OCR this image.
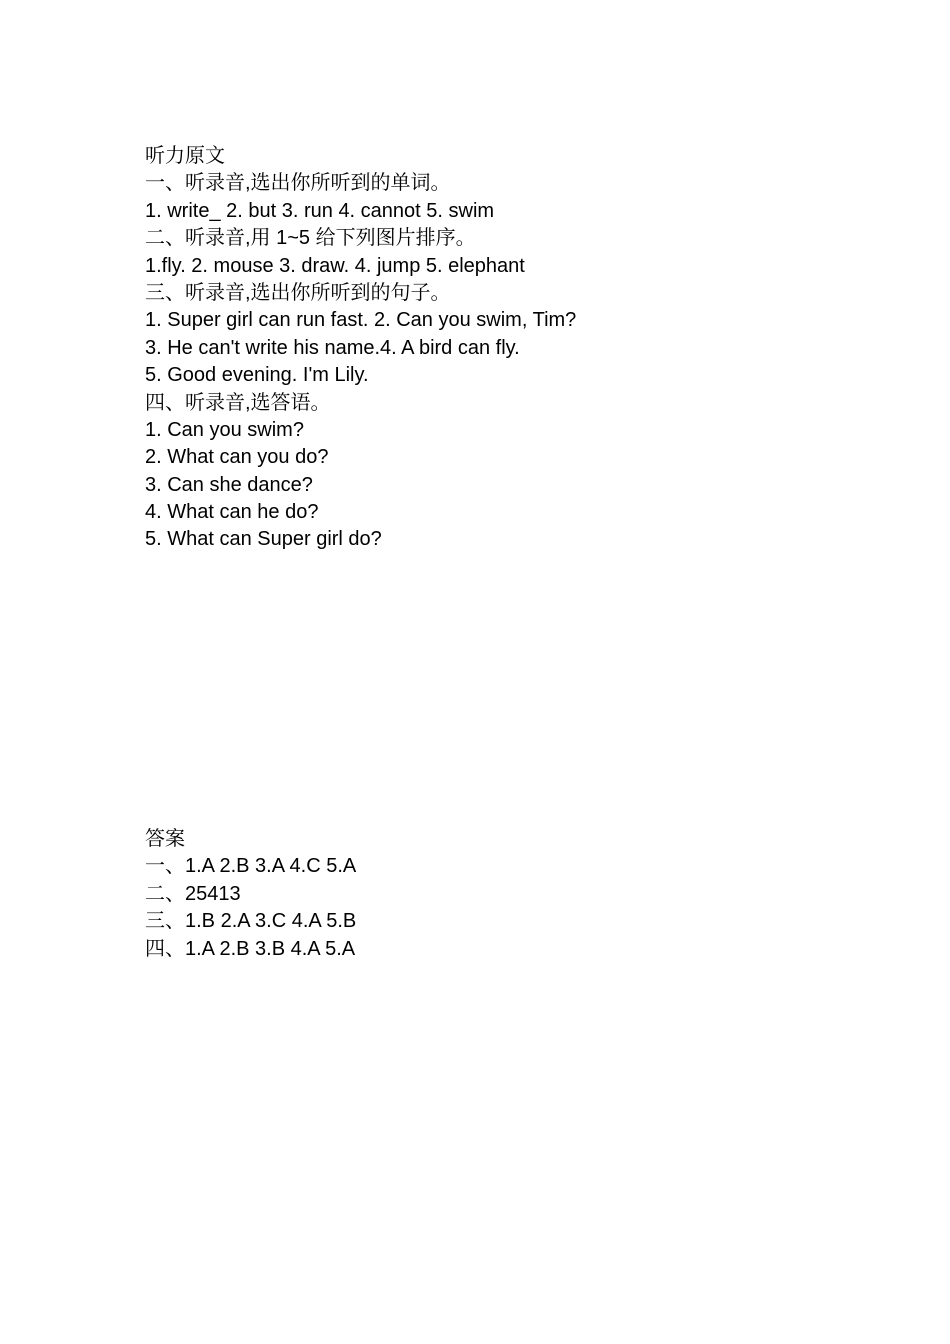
听力原文
一、听录音,选出你所听到的单词。
1. write_ 2. but 3. run 4. cannot 5. swim
二、听录音,用 1~5 给下列图片排序。
1.fly. 2. mouse 3. draw. 4. jump 5. elephant
三、听录音,选出你所听到的句子。
1. Super girl can run fast. 2. Can you swim, Tim?
3. He can't write his name.4. A bird can fly.
5. Good evening. I'm Lily.
四、听录音,选答语。
1. Can you swim?
2. What can you do?
3. Can she dance?
4. What can he do?
5. What can Super girl do?
答案
一、1.A 2.B 3.A 4.C 5.A
二、25413
三、1.B 2.A 3.C 4.A 5.B
四、1.A 2.B 3.B 4.A 5.A
